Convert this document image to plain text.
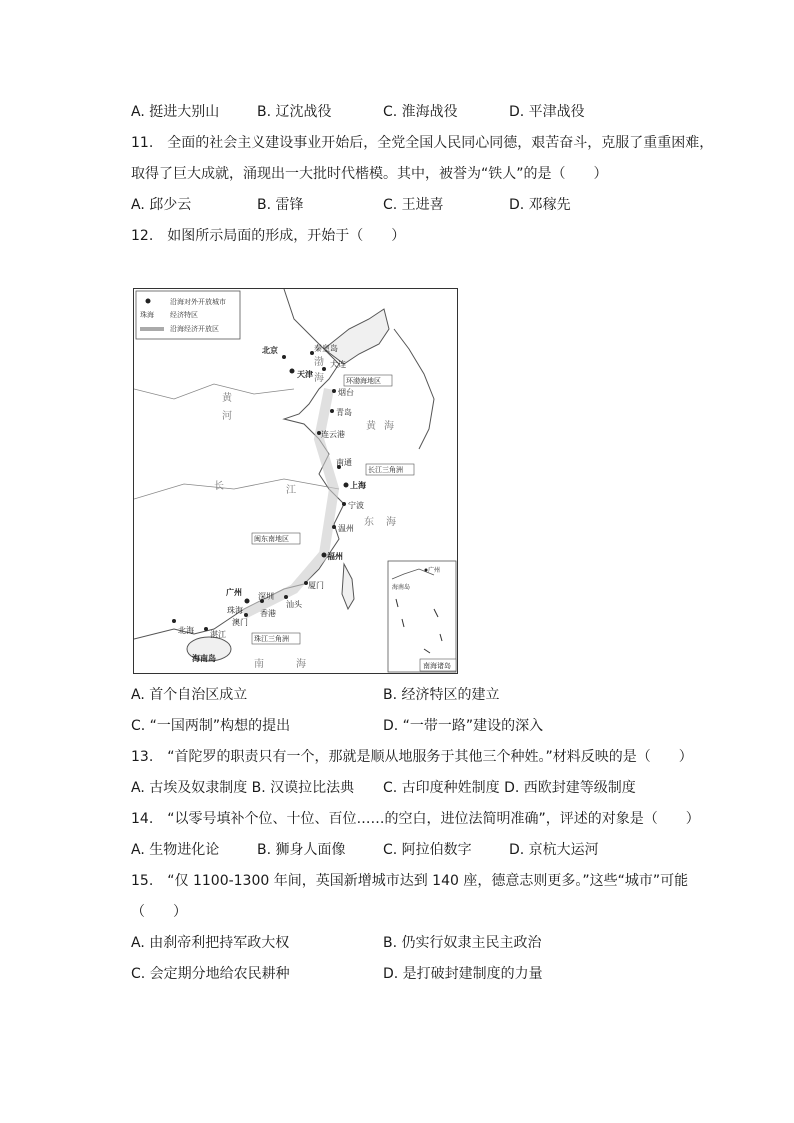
A. 挺进大别山	B. 辽沈战役	C. 淮海战役	D. 平津战役
11.　全面的社会主义建设事业开始后，全党全国人民同心同德，艰苦奋斗，克服了重重困难，
取得了巨大成就，涌现出一大批时代楷模。其中，被誉为“铁人”的是（　　）
A. 邱少云	B. 雷锋	C. 王进喜	D. 邓稼先
12.　如图所示局面的形成，开始于（　　）
沿海对外开放城市
珠海 经济特区
沿海经济开放区
北京
天津
秦皇岛
大连
烟台
青岛
连云港
南通
上海
宁波
温州
福州
厦门
汕头
深圳
广州
珠海 香港
澳门
湛江
北海
海南岛
环渤海地区
长江三角洲
闽东南地区
珠江三角洲
渤
海
黄 海
东 海
南	海
黄
河
长	江
广州
海南岛
南海诸岛
A. 首个自治区成立	B. 经济特区的建立
C. “一国两制”构想的提出	D. “一带一路”建设的深入
13.　“首陀罗的职责只有一个，那就是顺从地服务于其他三个种姓。”材料反映的是（　　）
A. 古埃及奴隶制度 B. 汉谟拉比法典 C. 古印度种姓制度 D. 西欧封建等级制度
14.　“以零号填补个位、十位、百位……的空白，进位法简明准确”，评述的对象是（　　）
A. 生物进化论	B. 狮身人面像	C. 阿拉伯数字	D. 京杭大运河
15.　“仅 1100-1300 年间，英国新增城市达到 140 座，德意志则更多。”这些“城市”可能
（　　）
A. 由刹帝利把持军政大权	B. 仍实行奴隶主民主政治
C. 会定期分地给农民耕种	D. 是打破封建制度的力量
